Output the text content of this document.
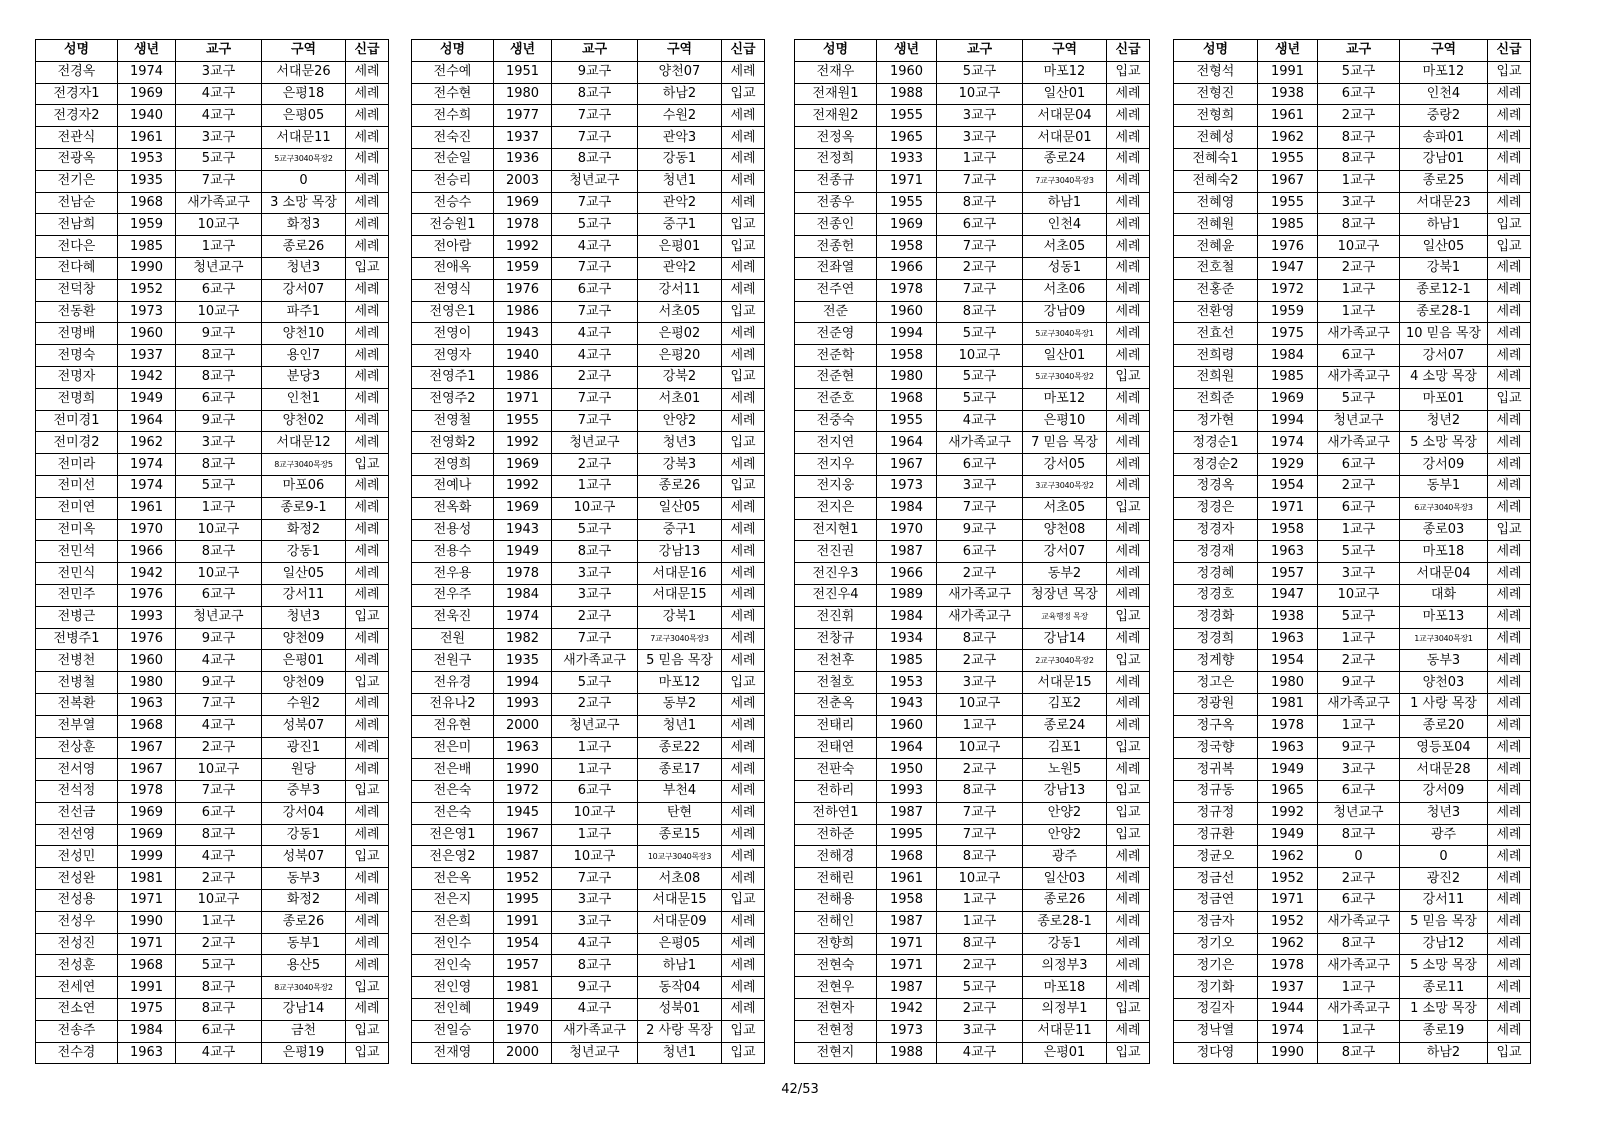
성명	생년	교구	구역	신급
전경옥	1974	3교구	서대문26	세례
전경자1	1969	4교구	은평18	세례
전경자2	1940	4교구	은평05	세례
전관식	1961	3교구	서대문11	세례
전광옥	1953	5교구	5교구3040목장2	세례
전기은	1935	7교구	0	세례
전남순	1968	새가족교구	3 소망 목장	세례
전남희	1959	10교구	화정3	세례
전다은	1985	1교구	종로26	세례
전다혜	1990	청년교구	청년3	입교
전덕창	1952	6교구	강서07	세례
전동환	1973	10교구	파주1	세례
전명배	1960	9교구	양천10	세례
전명숙	1937	8교구	용인7	세례
전명자	1942	8교구	분당3	세례
전명희	1949	6교구	인천1	세례
전미경1	1964	9교구	양천02	세례
전미경2	1962	3교구	서대문12	세례
전미라	1974	8교구	8교구3040목장5	입교
전미선	1974	5교구	마포06	세례
전미연	1961	1교구	종로9-1	세례
전미옥	1970	10교구	화정2	세례
전민석	1966	8교구	강동1	세례
전민식	1942	10교구	일산05	세례
전민주	1976	6교구	강서11	세례
전병근	1993	청년교구	청년3	입교
전병주1	1976	9교구	양천09	세례
전병천	1960	4교구	은평01	세례
전병철	1980	9교구	양천09	입교
전복환	1963	7교구	수원2	세례
전부열	1968	4교구	성북07	세례
전상훈	1967	2교구	광진1	세례
전서영	1967	10교구	원당	세례
전석정	1978	7교구	중부3	입교
전선금	1969	6교구	강서04	세례
전선영	1969	8교구	강동1	세례
전성민	1999	4교구	성북07	입교
전성완	1981	2교구	동부3	세례
전성용	1971	10교구	화정2	세례
전성우	1990	1교구	종로26	세례
전성진	1971	2교구	동부1	세례
전성훈	1968	5교구	용산5	세례
전세연	1991	8교구	8교구3040목장2	입교
전소연	1975	8교구	강남14	세례
전송주	1984	6교구	금천	입교
전수경	1963	4교구	은평19	입교
성명	생년	교구	구역	신급
전수예	1951	9교구	양천07	세례
전수현	1980	8교구	하남2	입교
전수희	1977	7교구	수원2	세례
전숙진	1937	7교구	관악3	세례
전순일	1936	8교구	강동1	세례
전승리	2003	청년교구	청년1	세례
전승수	1969	7교구	관악2	세례
전승원1	1978	5교구	중구1	입교
전아람	1992	4교구	은평01	입교
전애옥	1959	7교구	관악2	세례
전영식	1976	6교구	강서11	세례
전영은1	1986	7교구	서초05	입교
전영이	1943	4교구	은평02	세례
전영자	1940	4교구	은평20	세례
전영주1	1986	2교구	강북2	입교
전영주2	1971	7교구	서초01	세례
전영철	1955	7교구	안양2	세례
전영화2	1992	청년교구	청년3	입교
전영희	1969	2교구	강북3	세례
전예나	1992	1교구	종로26	입교
전옥화	1969	10교구	일산05	세례
전용성	1943	5교구	중구1	세례
전용수	1949	8교구	강남13	세례
전우용	1978	3교구	서대문16	세례
전우주	1984	3교구	서대문15	세례
전욱진	1974	2교구	강북1	세례
전원	1982	7교구	7교구3040목장3	세례
전원구	1935	새가족교구	5 믿음 목장	세례
전유경	1994	5교구	마포12	입교
전유나2	1993	2교구	동부2	세례
전유현	2000	청년교구	청년1	세례
전은미	1963	1교구	종로22	세례
전은배	1990	1교구	종로17	세례
전은숙	1972	6교구	부천4	세례
전은숙	1945	10교구	탄현	세례
전은영1	1967	1교구	종로15	세례
전은영2	1987	10교구	10교구3040목장3	세례
전은옥	1952	7교구	서초08	세례
전은지	1995	3교구	서대문15	입교
전은희	1991	3교구	서대문09	세례
전인수	1954	4교구	은평05	세례
전인숙	1957	8교구	하남1	세례
전인영	1981	9교구	동작04	세례
전인혜	1949	4교구	성북01	세례
전일승	1970	새가족교구	2 사랑 목장	입교
전재영	2000	청년교구	청년1	입교
성명	생년	교구	구역	신급
전재우	1960	5교구	마포12	입교
전재원1	1988	10교구	일산01	세례
전재원2	1955	3교구	서대문04	세례
전정옥	1965	3교구	서대문01	세례
전정희	1933	1교구	종로24	세례
전종규	1971	7교구	7교구3040목장3	세례
전종우	1955	8교구	하남1	세례
전종인	1969	6교구	인천4	세례
전종헌	1958	7교구	서초05	세례
전좌열	1966	2교구	성동1	세례
전주연	1978	7교구	서초06	세례
전준	1960	8교구	강남09	세례
전준영	1994	5교구	5교구3040목장1	세례
전준학	1958	10교구	일산01	세례
전준현	1980	5교구	5교구3040목장2	입교
전준호	1968	5교구	마포12	세례
전중숙	1955	4교구	은평10	세례
전지연	1964	새가족교구	7 믿음 목장	세례
전지우	1967	6교구	강서05	세례
전지웅	1973	3교구	3교구3040목장2	세례
전지은	1984	7교구	서초05	입교
전지현1	1970	9교구	양천08	세례
전진권	1987	6교구	강서07	세례
전진우3	1966	2교구	동부2	세례
전진우4	1989	새가족교구	청장년 목장	세례
전진휘	1984	새가족교구	교육행정 목장	입교
전창규	1934	8교구	강남14	세례
전천후	1985	2교구	2교구3040목장2	입교
전철호	1953	3교구	서대문15	세례
전춘옥	1943	10교구	김포2	세례
전태리	1960	1교구	종로24	세례
전태연	1964	10교구	김포1	입교
전판숙	1950	2교구	노원5	세례
전하리	1993	8교구	강남13	입교
전하연1	1987	7교구	안양2	입교
전하준	1995	7교구	안양2	입교
전해경	1968	8교구	광주	세례
전해린	1961	10교구	일산03	세례
전해용	1958	1교구	종로26	세례
전해인	1987	1교구	종로28-1	세례
전향희	1971	8교구	강동1	세례
전현숙	1971	2교구	의정부3	세례
전현우	1987	5교구	마포18	세례
전현자	1942	2교구	의정부1	입교
전현정	1973	3교구	서대문11	세례
전현지	1988	4교구	은평01	입교
성명	생년	교구	구역	신급
전형석	1991	5교구	마포12	입교
전형진	1938	6교구	인천4	세례
전형희	1961	2교구	중랑2	세례
전혜성	1962	8교구	송파01	세례
전혜숙1	1955	8교구	강남01	세례
전혜숙2	1967	1교구	종로25	세례
전혜영	1955	3교구	서대문23	세례
전혜원	1985	8교구	하남1	입교
전혜윤	1976	10교구	일산05	입교
전호철	1947	2교구	강북1	세례
전홍준	1972	1교구	종로12-1	세례
전환영	1959	1교구	종로28-1	세례
전효선	1975	새가족교구	10 믿음 목장	세례
전희령	1984	6교구	강서07	세례
전희원	1985	새가족교구	4 소망 목장	세례
전희준	1969	5교구	마포01	입교
정가현	1994	청년교구	청년2	세례
정경순1	1974	새가족교구	5 소망 목장	세례
정경순2	1929	6교구	강서09	세례
정경옥	1954	2교구	동부1	세례
정경은	1971	6교구	6교구3040목장3	세례
정경자	1958	1교구	종로03	입교
정경재	1963	5교구	마포18	세례
정경혜	1957	3교구	서대문04	세례
정경호	1947	10교구	대화	세례
정경화	1938	5교구	마포13	세례
정경희	1963	1교구	1교구3040목장1	세례
정계향	1954	2교구	동부3	세례
정고은	1980	9교구	양천03	세례
정광원	1981	새가족교구	1 사랑 목장	세례
정구옥	1978	1교구	종로20	세례
정국향	1963	9교구	영등포04	세례
정귀복	1949	3교구	서대문28	세례
정규동	1965	6교구	강서09	세례
정규정	1992	청년교구	청년3	세례
정규환	1949	8교구	광주	세례
정균오	1962	0	0	세례
정금선	1952	2교구	광진2	세례
정금연	1971	6교구	강서11	세례
정금자	1952	새가족교구	5 믿음 목장	세례
정기오	1962	8교구	강남12	세례
정기은	1978	새가족교구	5 소망 목장	세례
정기화	1937	1교구	종로11	세례
정길자	1944	새가족교구	1 소망 목장	세례
정낙열	1974	1교구	종로19	세례
정다영	1990	8교구	하남2	입교
42/53
